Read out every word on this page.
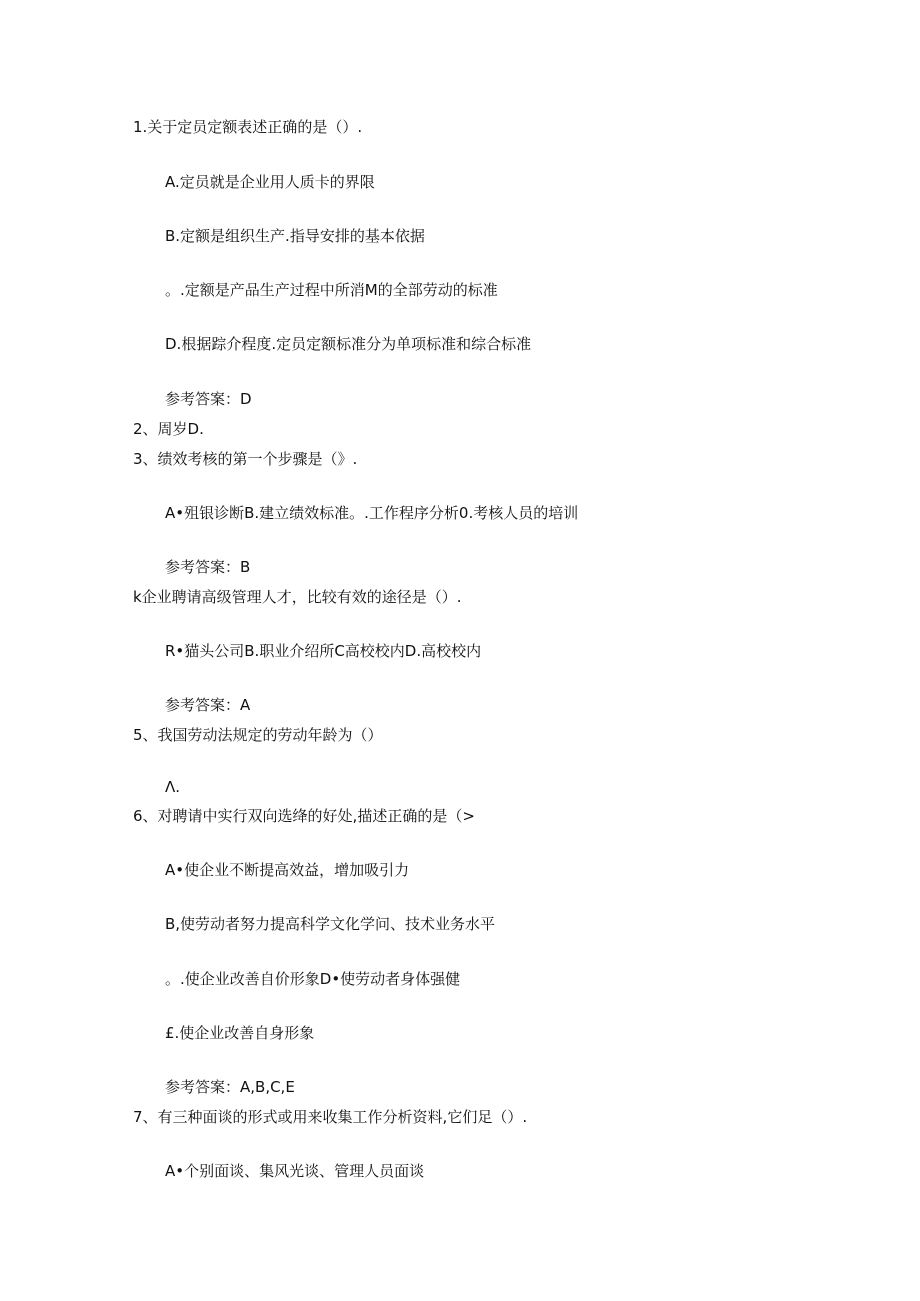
1.关于定员定额表述正确的是（）.
A.定员就是企业用人质卡的界限
B.定额是组织生产.指导安排的基本依据
。.定额是产品生产过程中所消M的全部劳动的标准
D.根据踪介程度.定员定额标准分为单项标准和综合标准
参考答案：D
2、周岁D.
3、绩效考核的第一个步骤是（》.
A•殂银诊断B.建立绩效标准。.工作程序分析0.考核人员的培训
参考答案：B
k企业聘请高级管理人才，比较有效的途径是（）.
R•猫头公司B.职业介绍所C高校校内D.高校校内
参考答案：A
5、我国劳动法规定的劳动年龄为（）
Λ.
6、对聘请中实行双向选绛的好处,描述正确的是（>
A•使企业不断提高效益，增加吸引力
B,使劳动者努力提高科学文化学问、技术业务水平
。.使企业改善自价形象D•使劳动者身体强健
£.使企业改善自身形象
参考答案：A,B,C,E
7、有三种面谈的形式或用来收集工作分析资料,它们足（）.
A•个别面谈、集风光谈、管理人员面谈
